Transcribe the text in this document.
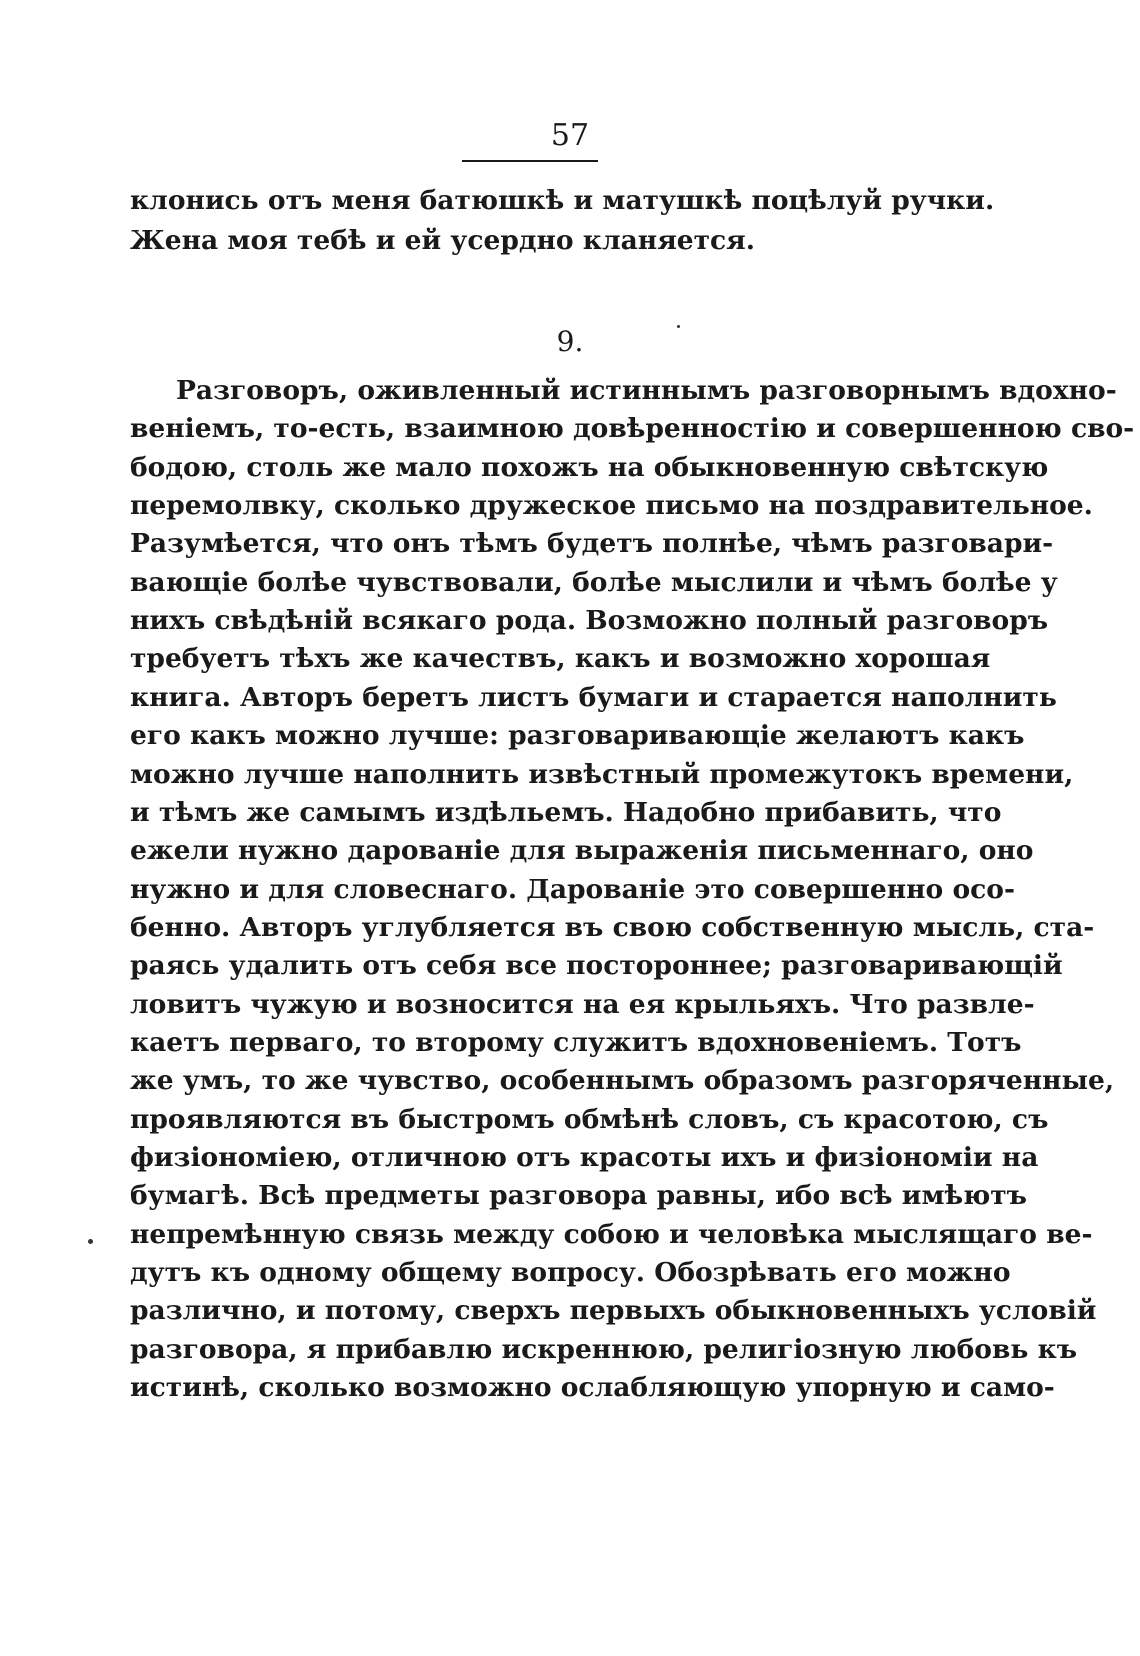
57
клонись отъ меня батюшкѣ и матушкѣ поцѣлуй ручки.
Жена моя тебѣ и ей усердно кланяется.
9.
Разговоръ, оживленный истиннымъ разговорнымъ вдохно-
веніемъ, то-есть, взаимною довѣренностію и совершенною сво-
бодою, столь же мало похожъ на обыкновенную свѣтскую
перемолвку, сколько дружеское письмо на поздравительное.
Разумѣется, что онъ тѣмъ будетъ полнѣе, чѣмъ разговари-
вающіе болѣе чувствовали, болѣе мыслили и чѣмъ болѣе у
нихъ свѣдѣній всякаго рода. Возможно полный разговоръ
требуетъ тѣхъ же качествъ, какъ и возможно хорошая
книга. Авторъ беретъ листъ бумаги и старается наполнить
его какъ можно лучше: разговаривающіе желаютъ какъ
можно лучше наполнить извѣстный промежутокъ времени,
и тѣмъ же самымъ издѣльемъ. Надобно прибавить, что
ежели нужно дарованіе для выраженія письменнаго, оно
нужно и для словеснаго. Дарованіе это совершенно осо-
бенно. Авторъ углубляется въ свою собственную мысль, ста-
раясь удалить отъ себя все постороннее; разговаривающій
ловитъ чужую и возносится на ея крыльяхъ. Что развле-
каетъ перваго, то второму служитъ вдохновеніемъ. Тотъ
же умъ, то же чувство, особеннымъ образомъ разгоряченные,
проявляются въ быстромъ обмѣнѣ словъ, съ красотою, съ
физіономіею, отличною отъ красоты ихъ и физіономіи на
бумагѣ. Всѣ предметы разговора равны, ибо всѣ имѣютъ
непремѣнную связь между собою и человѣка мыслящаго ве-
дутъ къ одному общему вопросу. Обозрѣвать его можно
различно, и потому, сверхъ первыхъ обыкновенныхъ условій
разговора, я прибавлю искреннюю, религіозную любовь къ
истинѣ, сколько возможно ослабляющую упорную и само-
